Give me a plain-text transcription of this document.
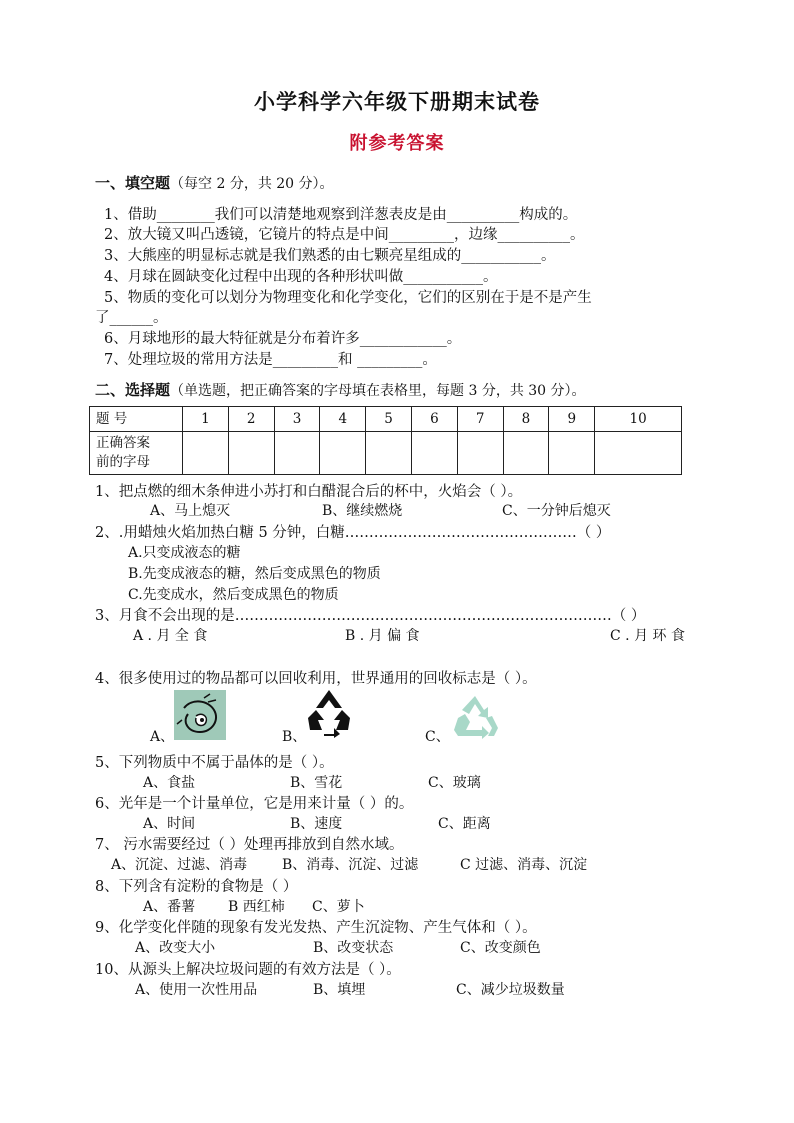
小学科学六年级下册期末试卷
附参考答案
一、填空题（每空 2 分，共 20 分）。
1、借助________我们可以清楚地观察到洋葱表皮是由__________构成的。
2、放大镜又叫凸透镜，它镜片的特点是中间_________，边缘__________。
3、大熊座的明显标志就是我们熟悉的由七颗亮星组成的___________。
4、月球在圆缺变化过程中出现的各种形状叫做___________。
5、物质的变化可以划分为物理变化和化学变化，它们的区别在于是不是产生
了______。
6、月球地形的最大特征就是分布着许多____________。
7、处理垃圾的常用方法是_________和 _________。
二、选择题（单选题，把正确答案的字母填在表格里，每题 3 分，共 30 分）。
题 号	1	2	3	4	5	6	7	8	9	10
正确答案
前的字母										
1、把点燃的细木条伸进小苏打和白醋混合后的杯中，火焰会（ ）。
A、马上熄灭	B、继续燃烧	C、一分钟后熄灭
2、.用蜡烛火焰加热白糖 5 分钟，白糖…………………………………………（ ）
A.只变成液态的糖
B.先变成液态的糖，然后变成黑色的物质
C.先变成水，然后变成黑色的物质
3、月食不会出现的是……………………………………………………………………（ ）
A . 月 全 食	B . 月 偏 食	C . 月 环 食
4、很多使用过的物品都可以回收利用，世界通用的回收标志是（ ）。
A、	B、	C、
5、下列物质中不属于晶体的是（ ）。
A、食盐	B、雪花	C、玻璃
6、光年是一个计量单位，它是用来计量（ ）的。
A、时间	B、速度	C、距离
7、 污水需要经过（ ）处理再排放到自然水域。
A、沉淀、过滤、消毒 B、消毒、沉淀、过滤	C 过滤、消毒、沉淀
8、下列含有淀粉的食物是（ ）
A、番薯 B 西红柿 C、萝卜
9、化学变化伴随的现象有发光发热、产生沉淀物、产生气体和（ ）。
A、改变大小	B、改变状态	C、改变颜色
10、从源头上解决垃圾问题的有效方法是（ ）。
A、使用一次性用品	B、填埋	C、减少垃圾数量
